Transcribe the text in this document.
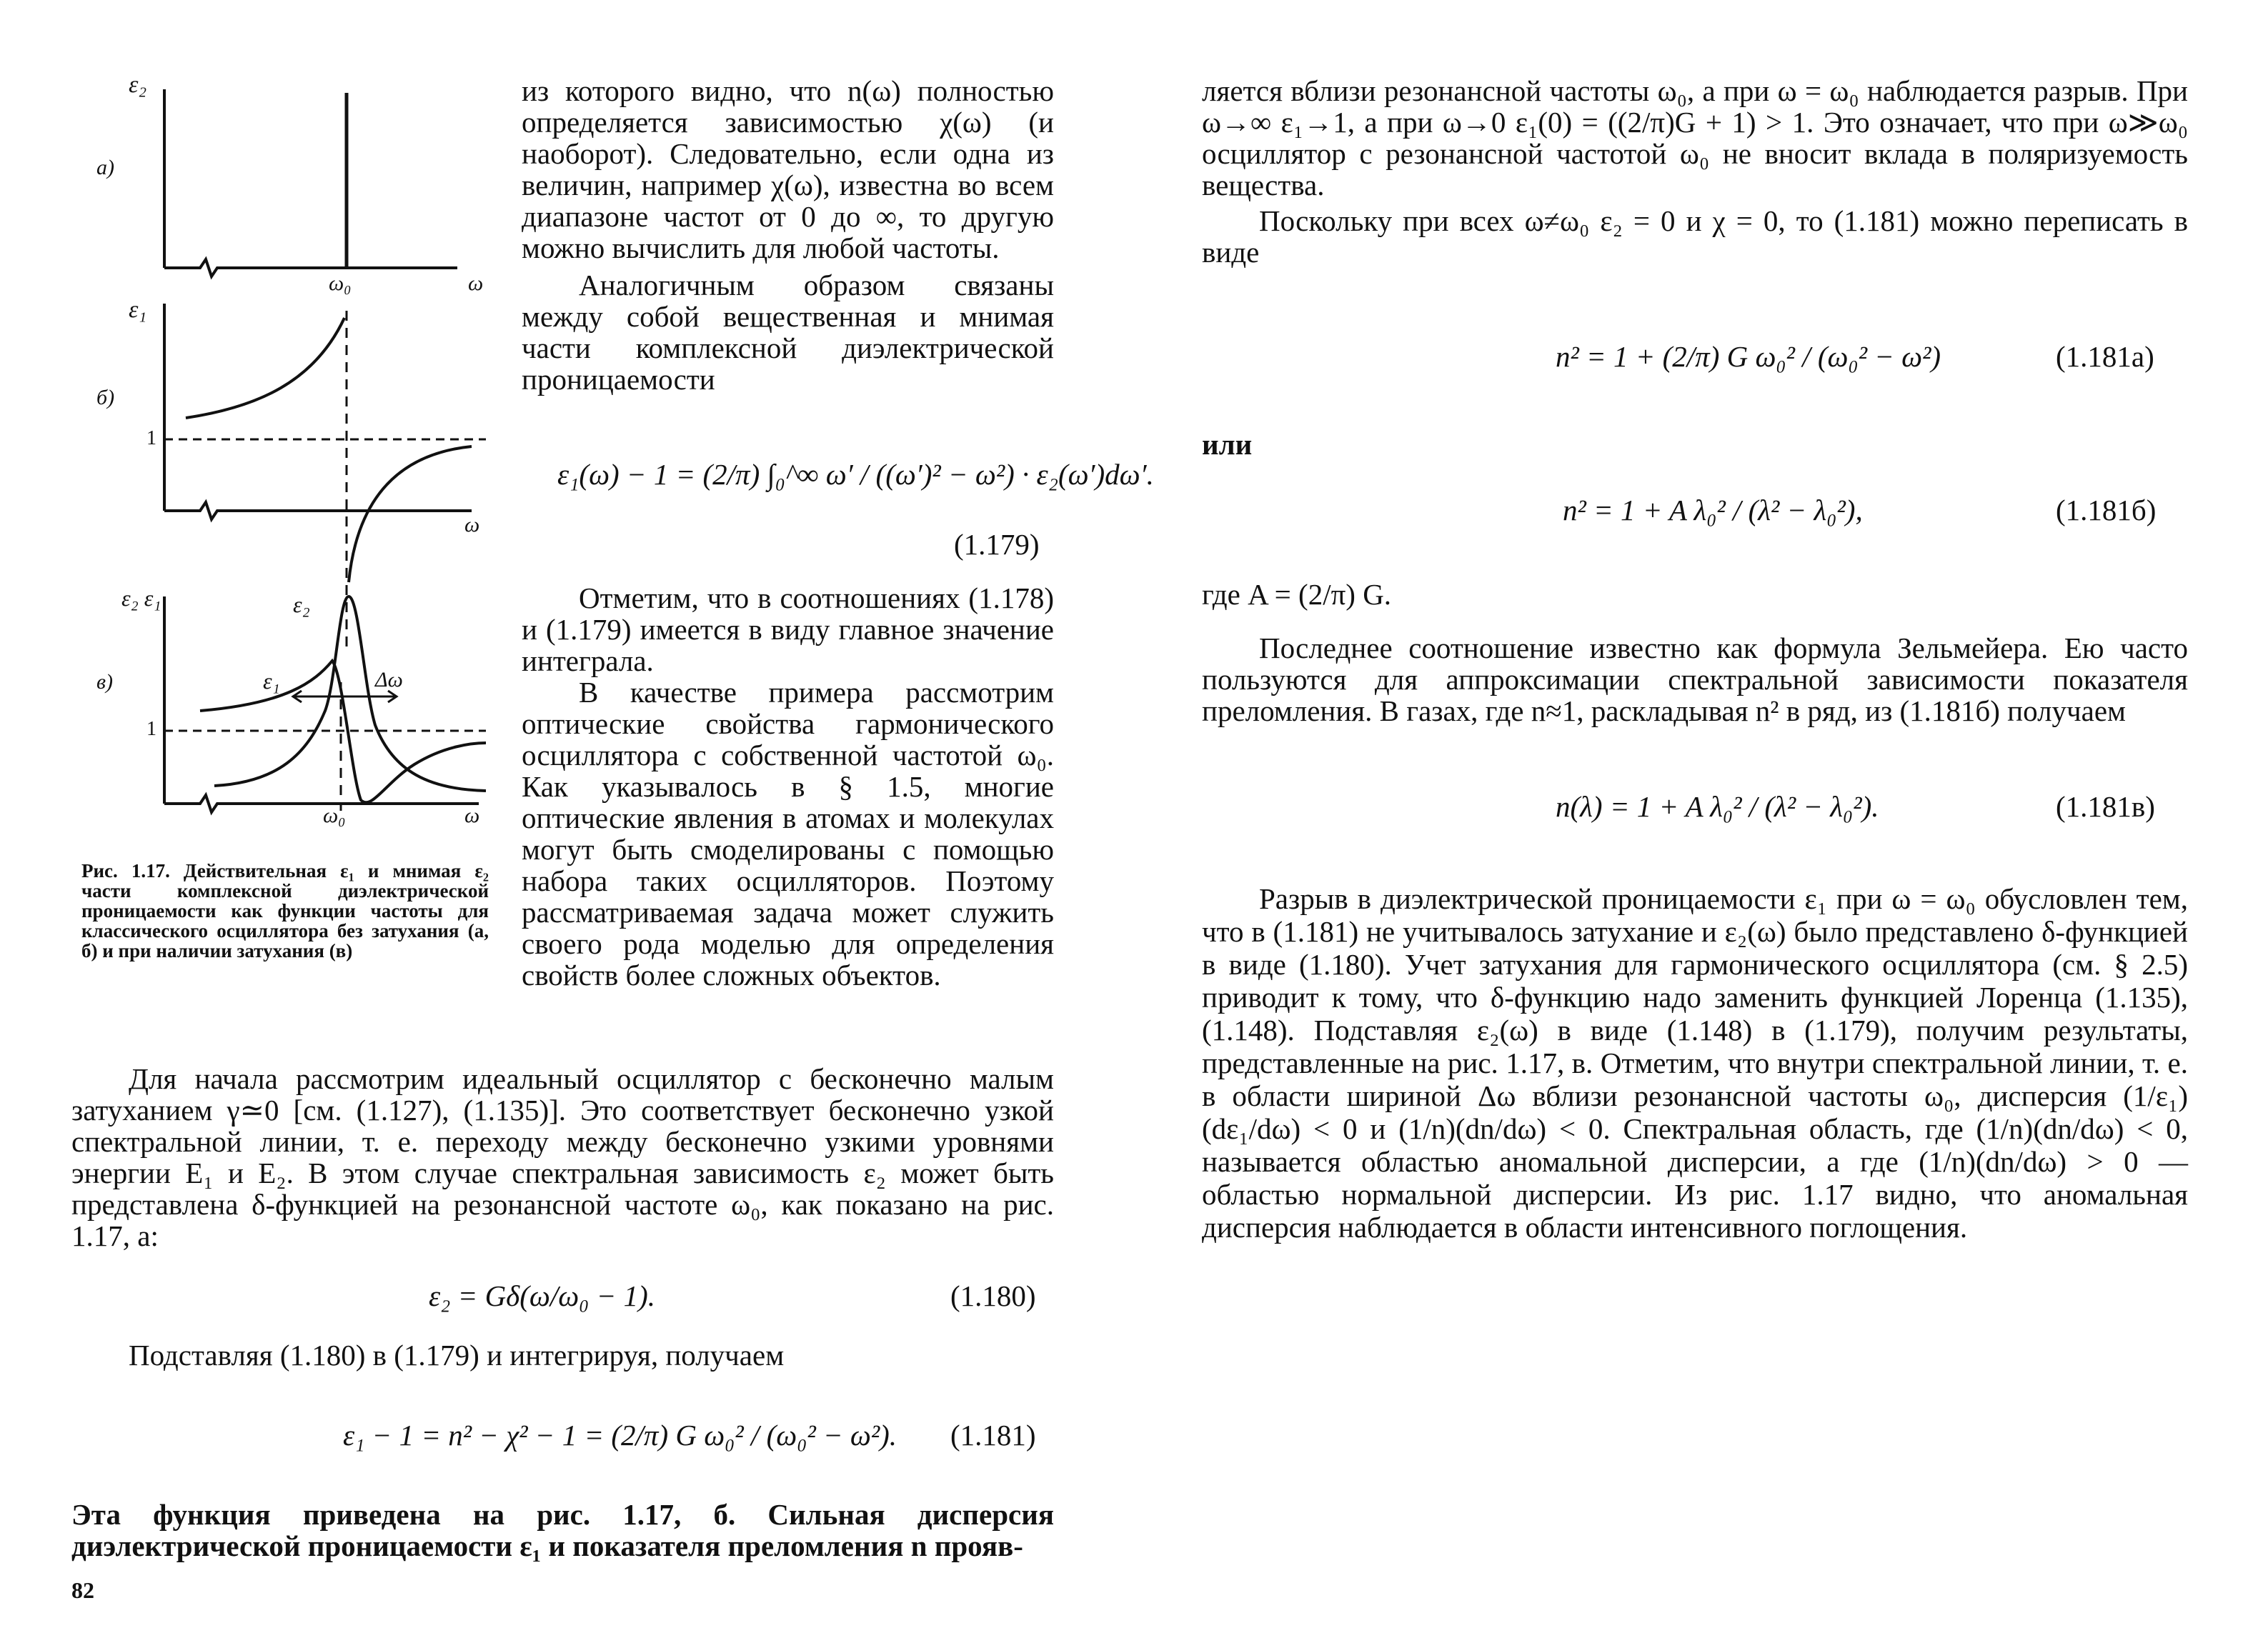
ε₂
а)
ω₀	ω
ε₁
б)
1
ω
ε₂ ε₁	ε₂
в)	ε₁	Δω
1
ω₀	ω

Рис. 1.17. Действительная ε₁ и мнимая ε₂ части комплексной диэлектрической проницаемости как функции частоты для классического осциллятора без затухания (а, б) и при наличии затухания (в)

из которого видно, что n(ω) полностью определяется зависимостью χ(ω) (и наоборот). Следовательно, если одна из величин, например χ(ω), известна во всем диапазоне частот от 0 до ∞, то другую можно вычислить для любой частоты.

Аналогичным образом связаны между собой вещественная и мнимая части комплексной диэлектрической проницаемости

ε₁(ω) − 1 = (2/π) ∫₀^∞ ω′ / ((ω′)² − ω²) · ε₂(ω′)dω′.
(1.179)

Отметим, что в соотношениях (1.178) и (1.179) имеется в виду главное значение интеграла.

В качестве примера рассмотрим оптические свойства гармонического осциллятора с собственной частотой ω₀. Как указывалось в § 1.5, многие оптические явления в атомах и молекулах могут быть смоделированы с помощью набора таких осцилляторов. Поэтому рассматриваемая задача может служить своего рода моделью для определения свойств более сложных объектов.

Для начала рассмотрим идеальный осциллятор с бесконечно малым затуханием γ≃0 [см. (1.127), (1.135)]. Это соответствует бесконечно узкой спектральной линии, т. е. переходу между бесконечно узкими уровнями энергии E₁ и E₂. В этом случае спектральная зависимость ε₂ может быть представлена δ-функцией на резонансной частоте ω₀, как показано на рис. 1.17, а:

ε₂ = Gδ(ω/ω₀ − 1).	(1.180)

Подставляя (1.180) в (1.179) и интегрируя, получаем

ε₁ − 1 = n² − χ² − 1 = (2/π) G ω₀² / (ω₀² − ω²). (1.181)

Эта функция приведена на рис. 1.17, б. Сильная дисперсия диэлектрической проницаемости ε₁ и показателя преломления n прояв-

82

ляется вблизи резонансной частоты ω₀, а при ω = ω₀ наблюдается разрыв. При ω→∞ ε₁→1, а при ω→0 ε₁(0) = ((2/π)G + 1) > 1. Это означает, что при ω≫ω₀ осциллятор с резонансной частотой ω₀ не вносит вклада в поляризуемость вещества.

Поскольку при всех ω≠ω₀ ε₂ = 0 и χ = 0, то (1.181) можно переписать в виде

n² = 1 + (2/π) G ω₀² / (ω₀² − ω²)	(1.181а)
или
n² = 1 + A λ₀² / (λ² − λ₀²),	(1.181б)
где A = (2/π) G.

Последнее соотношение известно как формула Зельмейера. Ею часто пользуются для аппроксимации спектральной зависимости показателя преломления. В газах, где n≈1, раскладывая n² в ряд, из (1.181б) получаем

n(λ) = 1 + A λ₀² / (λ² − λ₀²).	(1.181в)

Разрыв в диэлектрической проницаемости ε₁ при ω = ω₀ обусловлен тем, что в (1.181) не учитывалось затухание и ε₂(ω) было представлено δ-функцией в виде (1.180). Учет затухания для гармонического осциллятора (см. § 2.5) приводит к тому, что δ-функцию надо заменить функцией Лоренца (1.135), (1.148). Подставляя ε₂(ω) в виде (1.148) в (1.179), получим результаты, представленные на рис. 1.17, в. Отметим, что внутри спектральной линии, т. е. в области шириной Δω вблизи резонансной частоты ω₀, дисперсия (1/ε₁)(dε₁/dω) < 0 и (1/n)(dn/dω) < 0. Спектральная область, где (1/n)(dn/dω) < 0, называется областью аномальной дисперсии, а где (1/n)(dn/dω) > 0 — областью нормальной дисперсии. Из рис. 1.17 видно, что аномальная дисперсия наблюдается в области интенсивного поглощения.
